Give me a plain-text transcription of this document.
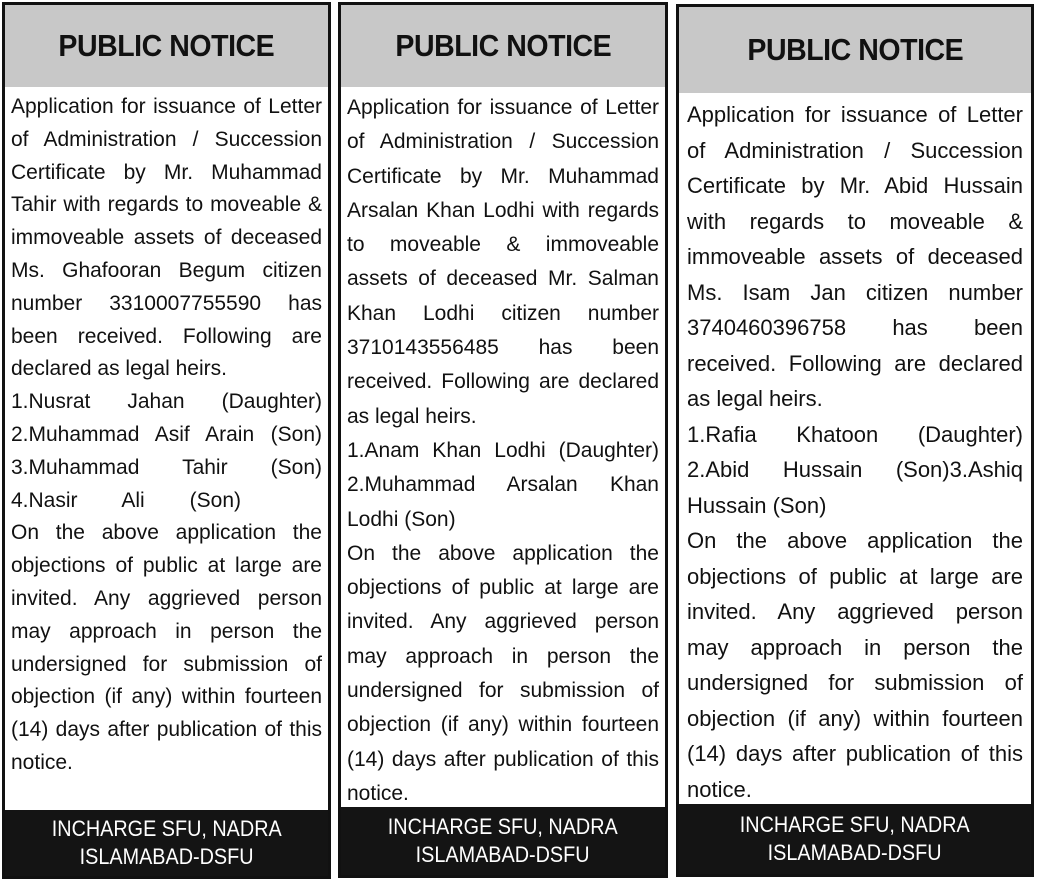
PUBLIC NOTICE

Application for issuance of Letter of Administration / Succession Certificate by Mr. Muhammad Tahir with regards to moveable & immoveable assets of deceased Ms. Ghafooran Begum citizen number 3310007755590 has been received. Following are declared as legal heirs.

1.Nusrat Jahan (Daughter)
2.Muhammad Asif Arain (Son)
3.Muhammad Tahir (Son)
4.Nasir Ali (Son)

On the above application the objections of public at large are invited. Any aggrieved person may approach in person the undersigned for submission of objection (if any) within fourteen (14) days after publication of this notice.

INCHARGE SFU, NADRA
ISLAMABAD-DSFU
PUBLIC NOTICE

Application for issuance of Letter of Administration / Succession Certificate by Mr. Muhammad Arsalan Khan Lodhi with regards to moveable & immoveable assets of deceased Mr. Salman Khan Lodhi citizen number 3710143556485 has been received. Following are declared as legal heirs.

1.Anam Khan Lodhi (Daughter)
2.Muhammad Arsalan Khan Lodhi (Son)

On the above application the objections of public at large are invited. Any aggrieved person may approach in person the undersigned for submission of objection (if any) within fourteen (14) days after publication of this notice.

INCHARGE SFU, NADRA
ISLAMABAD-DSFU
PUBLIC NOTICE

Application for issuance of Letter of Administration / Succession Certificate by Mr. Abid Hussain with regards to moveable & immoveable assets of deceased Ms. Isam Jan citizen number 3740460396758 has been received. Following are declared as legal heirs.

1.Rafia Khatoon (Daughter)
2.Abid Hussain (Son)3.Ashiq Hussain (Son)

On the above application the objections of public at large are invited. Any aggrieved person may approach in person the undersigned for submission of objection (if any) within fourteen (14) days after publication of this notice.

INCHARGE SFU, NADRA
ISLAMABAD-DSFU
